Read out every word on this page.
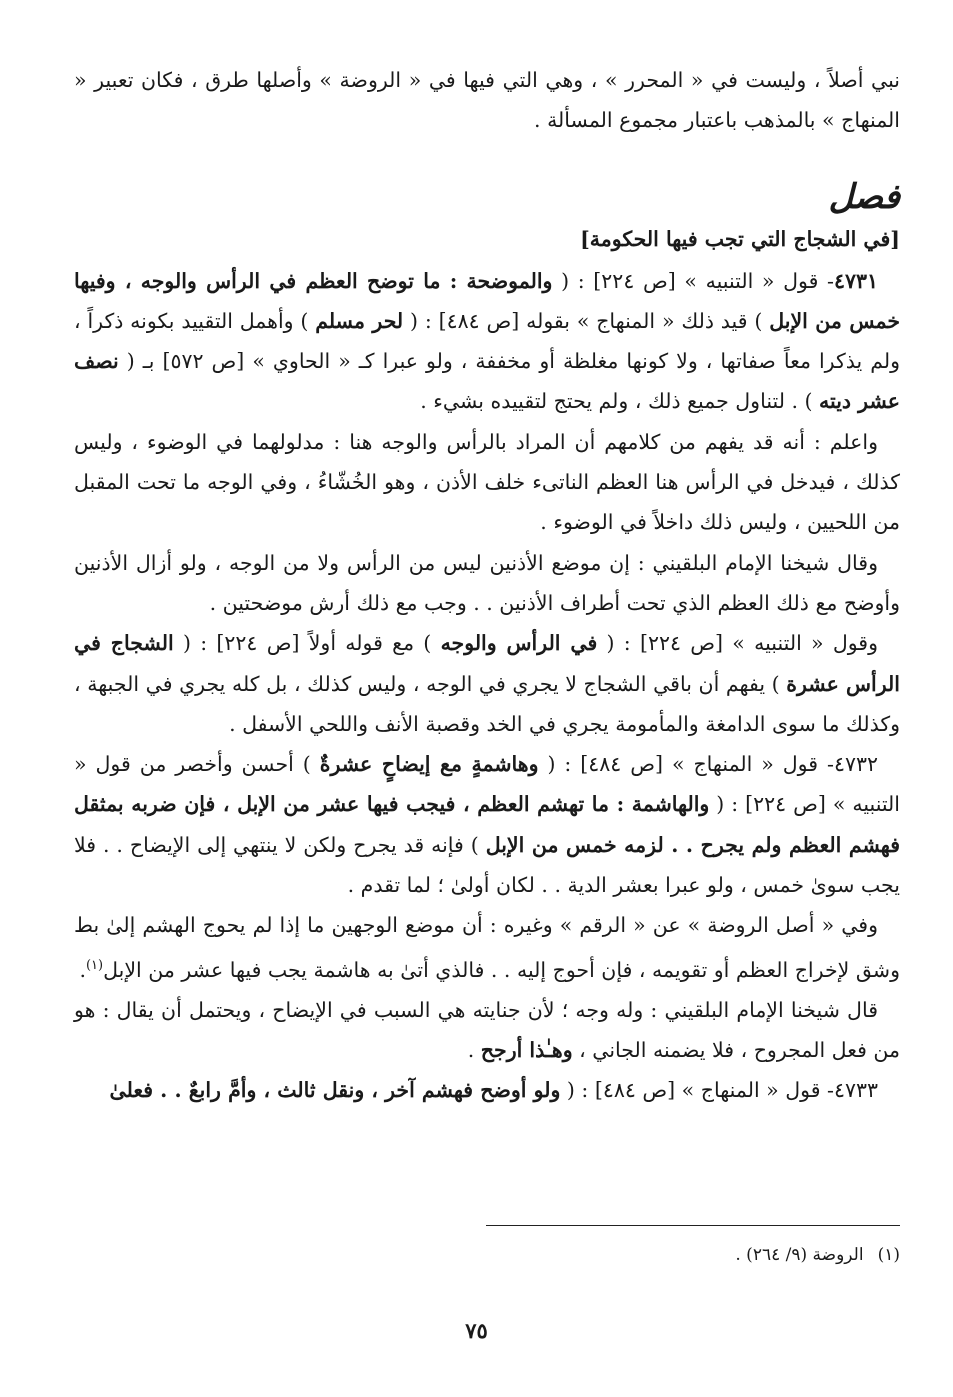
نبي أصلاً ، وليست في « المحرر » ، وهي التي فيها في « الروضة » وأصلها طرق ، فكان تعبير « المنهاج » بالمذهب باعتبار مجموع المسألة .

فصل

[في الشجاج التي تجب فيها الحكومة]

٤٧٣١- قول « التنبيه » [ص ٢٢٤] : ( والموضحة : ما توضح العظم في الرأس والوجه ، وفيها خمس من الإبل ) قيد ذلك « المنهاج » بقوله [ص ٤٨٤] : ( لحر مسلم ) وأهمل التقييد بكونه ذكراً ، ولم يذكرا معاً صفاتها ، ولا كونها مغلظة أو مخففة ، ولو عبرا كـ « الحاوي » [ص ٥٧٢] بـ ( نصف عشر ديته ) . لتناول جميع ذلك ، ولم يحتج لتقييده بشيء .

واعلم : أنه قد يفهم من كلامهم أن المراد بالرأس والوجه هنا : مدلولهما في الوضوء ، وليس كذلك ، فيدخل في الرأس هنا العظم الناتىء خلف الأذن ، وهو الخُشّاءُ ، وفي الوجه ما تحت المقبل من اللحيين ، وليس ذلك داخلاً في الوضوء .

وقال شيخنا الإمام البلقيني : إن موضع الأذنين ليس من الرأس ولا من الوجه ، ولو أزال الأذنين وأوضح مع ذلك العظم الذي تحت أطراف الأذنين . . وجب مع ذلك أرش موضحتين .

وقول « التنبيه » [ص ٢٢٤] : ( في الرأس والوجه ) مع قوله أولاً [ص ٢٢٤] : ( الشجاج في الرأس عشرة ) يفهم أن باقي الشجاج لا يجري في الوجه ، وليس كذلك ، بل كله يجري في الجبهة ، وكذلك ما سوى الدامغة والمأمومة يجري في الخد وقصبة الأنف واللحي الأسفل .

٤٧٣٢- قول « المنهاج » [ص ٤٨٤] : ( وهاشمةٍ مع إيضاحٍ عشرةٌ ) أحسن وأخصر من قول « التنبيه » [ص ٢٢٤] : ( والهاشمة : ما تهشم العظم ، فيجب فيها عشر من الإبل ، فإن ضربه بمثقل فهشم العظم ولم يجرح . . لزمه خمس من الإبل ) فإنه قد يجرح ولكن لا ينتهي إلى الإيضاح . . فلا يجب سوىٰ خمس ، ولو عبرا بعشر الدية . . لكان أولىٰ ؛ لما تقدم .

وفي « أصل الروضة » عن « الرقم » وغيره : أن موضع الوجهين ما إذا لم يحوج الهشم إلىٰ بط وشق لإخراج العظم أو تقويمه ، فإن أحوج إليه . . فالذي أتىٰ به هاشمة يجب فيها عشر من الإبل$^{(١)}$.

قال شيخنا الإمام البلقيني : وله وجه ؛ لأن جنايته هي السبب في الإيضاح ، ويحتمل أن يقال : هو من فعل المجروح ، فلا يضمنه الجاني ، وهـٰذا أرجح .

٤٧٣٣- قول « المنهاج » [ص ٤٨٤] : ( ولو أوضح فهشم آخر ، ونقل ثالث ، وأمَّ رابعٌ . . فعلىٰ

(١)الروضة (٩/ ٢٦٤) .
٧٥
